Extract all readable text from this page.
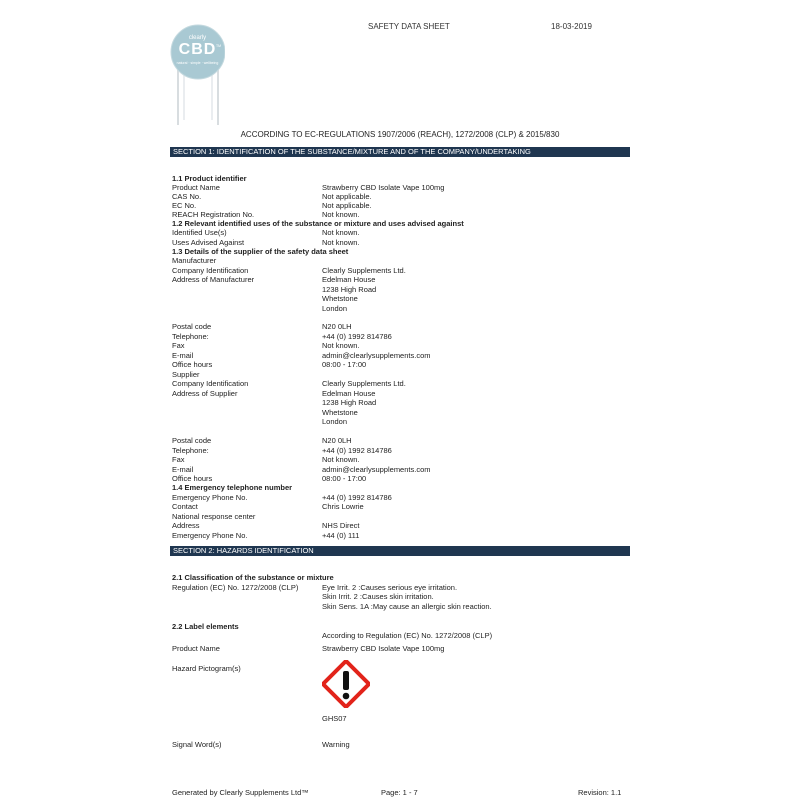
SAFETY DATA SHEET	18-03-2019
clearly
CBD TM
natural · simple · wellbeing
ACCORDING TO EC-REGULATIONS 1907/2006 (REACH), 1272/2008 (CLP) & 2015/830
SECTION 1: IDENTIFICATION OF THE SUBSTANCE/MIXTURE AND OF THE COMPANY/UNDERTAKING
1.1 Product identifier
Product Name	Strawberry CBD Isolate Vape 100mg
CAS No.	Not applicable.
EC No.	Not applicable.
REACH Registration No.	Not known.
1.2 Relevant identified uses of the substance or mixture and uses advised against
Identified Use(s)	Not known.
Uses Advised Against	Not known.
1.3 Details of the supplier of the safety data sheet
Manufacturer
Company Identification	Clearly Supplements Ltd.
Address of Manufacturer	Edelman House
1238 High Road
Whetstone
London
Postal code	N20 0LH
Telephone:	+44 (0) 1992 814786
Fax	Not known.
E-mail	admin@clearlysupplements.com
Office hours	08:00 - 17:00
Supplier
Company Identification	Clearly Supplements Ltd.
Address of Supplier	Edelman House
1238 High Road
Whetstone
London
Postal code	N20 0LH
Telephone:	+44 (0) 1992 814786
Fax	Not known.
E-mail	admin@clearlysupplements.com
Office hours	08:00 - 17:00
1.4 Emergency telephone number
Emergency Phone No.	+44 (0) 1992 814786
Contact	Chris Lowrie
National response center
Address	NHS Direct
Emergency Phone No.	+44 (0) 111
SECTION 2: HAZARDS IDENTIFICATION
2.1 Classification of the substance or mixture
Regulation (EC) No. 1272/2008 (CLP)	Eye Irrit. 2 :Causes serious eye irritation.
Skin Irrit. 2 :Causes skin irritation.
Skin Sens. 1A :May cause an allergic skin reaction.
2.2 Label elements
According to Regulation (EC) No. 1272/2008 (CLP)
Product Name	Strawberry CBD Isolate Vape 100mg
Hazard Pictogram(s)
GHS07
Signal Word(s)	Warning
Generated by Clearly Supplements Ltd™	Page: 1 - 7	Revision: 1.1
